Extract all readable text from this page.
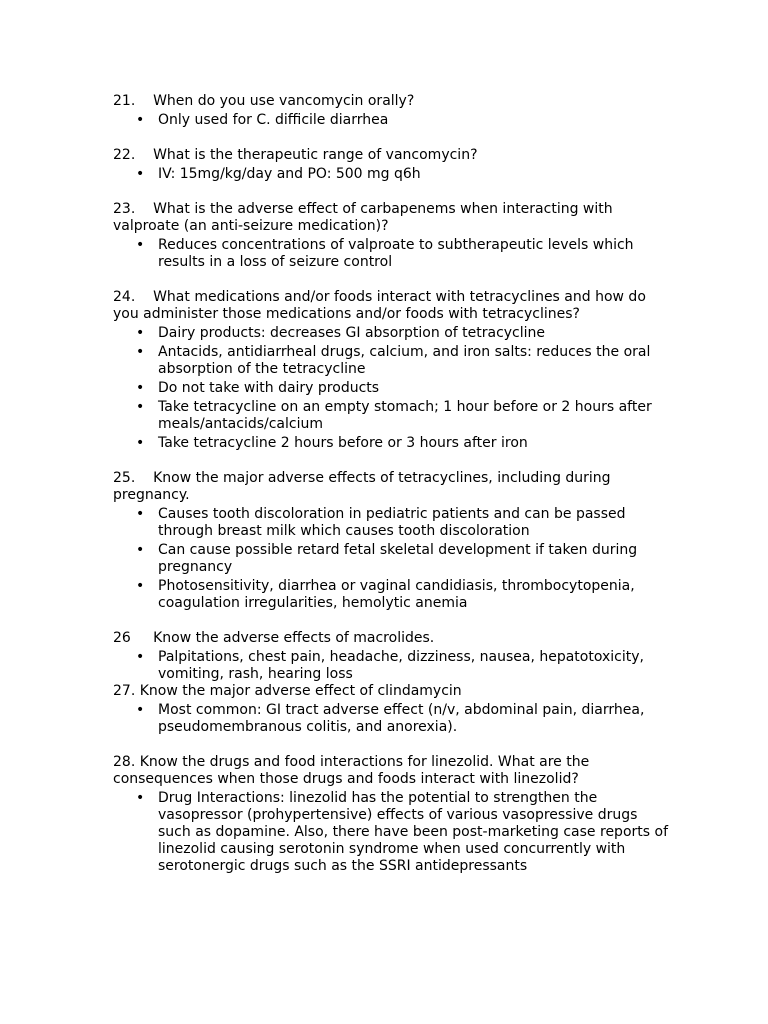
21. When do you use vancomycin orally?

• Only used for C. difficile diarrhea

22. What is the therapeutic range of vancomycin?

• IV: 15mg/kg/day and PO: 500 mg q6h

23. What is the adverse effect of carbapenems when interacting with valproate (an anti-seizure medication)?

• Reduces concentrations of valproate to subtherapeutic levels which results in a loss of seizure control

24. What medications and/or foods interact with tetracyclines and how do you administer those medications and/or foods with tetracyclines?

• Dairy products: decreases GI absorption of tetracycline
• Antacids, antidiarrheal drugs, calcium, and iron salts: reduces the oral absorption of the tetracycline
• Do not take with dairy products
• Take tetracycline on an empty stomach; 1 hour before or 2 hours after meals/antacids/calcium
• Take tetracycline 2 hours before or 3 hours after iron

25. Know the major adverse effects of tetracyclines, including during pregnancy.

• Causes tooth discoloration in pediatric patients and can be passed through breast milk which causes tooth discoloration
• Can cause possible retard fetal skeletal development if taken during pregnancy
• Photosensitivity, diarrhea or vaginal candidiasis, thrombocytopenia, coagulation irregularities, hemolytic anemia

26 Know the adverse effects of macrolides.

• Palpitations, chest pain, headache, dizziness, nausea, hepatotoxicity, vomiting, rash, hearing loss

27. Know the major adverse effect of clindamycin

• Most common: GI tract adverse effect (n/v, abdominal pain, diarrhea, pseudomembranous colitis, and anorexia).

28. Know the drugs and food interactions for linezolid. What are the consequences when those drugs and foods interact with linezolid?

• Drug Interactions: linezolid has the potential to strengthen the vasopressor (prohypertensive) effects of various vasopressive drugs such as dopamine. Also, there have been post-marketing case reports of linezolid causing serotonin syndrome when used concurrently with serotonergic drugs such as the SSRI antidepressants
